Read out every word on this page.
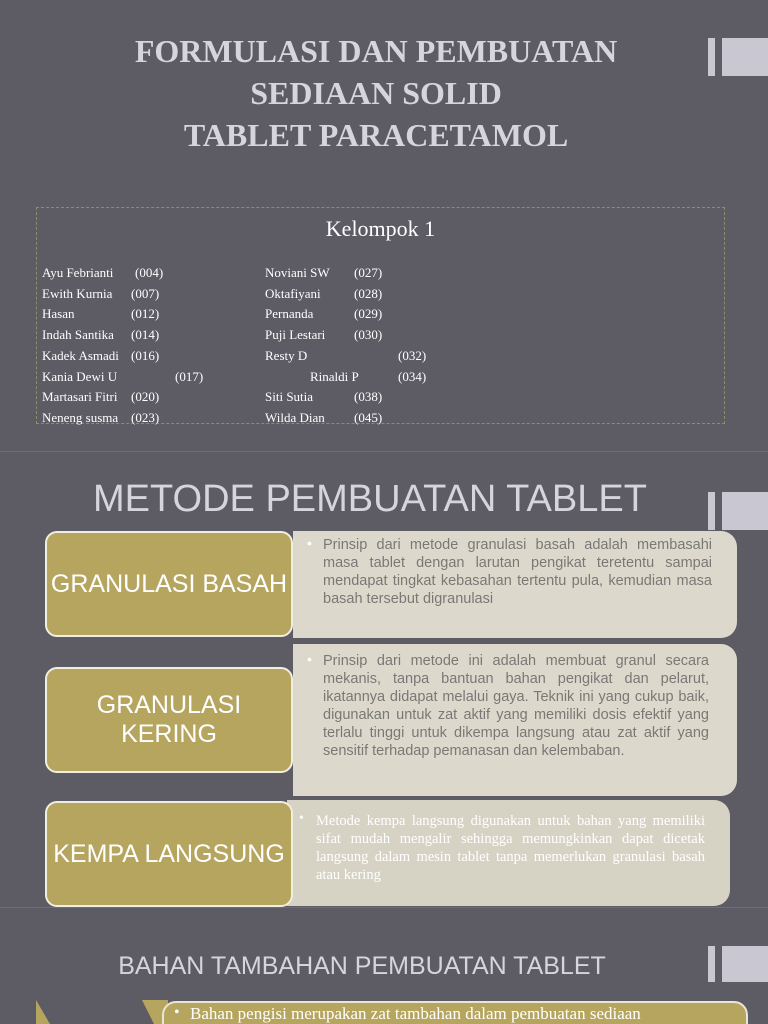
FORMULASI DAN PEMBUATAN
SEDIAAN SOLID
TABLET PARACETAMOL
Kelompok 1
Ayu Febrianti (004)
Ewith Kurnia (007)
Hasan	(012)
Indah Santika (014)
Kadek Asmadi (016)
Kania Dewi U	(017)
Martasari Fitri (020)
Neneng susma (023)
Noviani SW (027)
Oktafiyani	(028)
Pernanda	(029)
Puji Lestari (030)
Resty D	(032)
Rinaldi P	(034)
Siti Sutia	(038)
Wilda Dian (045)
METODE PEMBUATAN TABLET
• Prinsip dari metode granulasi basah adalah membasahi masa tablet dengan larutan pengikat teretentu sampai mendapat tingkat kebasahan tertentu pula, kemudian masa basah tersebut digranulasi
GRANULASI BASAH
• Prinsip dari metode ini adalah membuat granul secara mekanis, tanpa bantuan bahan pengikat dan pelarut, ikatannya didapat melalui gaya. Teknik ini yang cukup baik, digunakan untuk zat aktif yang memiliki dosis efektif yang terlalu tinggi untuk dikempa langsung atau zat aktif yang sensitif terhadap pemanasan dan kelembaban.
GRANULASI KERING
• Metode kempa langsung digunakan untuk bahan yang memiliki sifat mudah mengalir sehingga memungkinkan dapat dicetak langsung dalam mesin tablet tanpa memerlukan granulasi basah atau kering
KEMPA LANGSUNG
BAHAN TAMBAHAN PEMBUATAN TABLET
• Bahan pengisi merupakan zat tambahan dalam pembuatan sediaan
